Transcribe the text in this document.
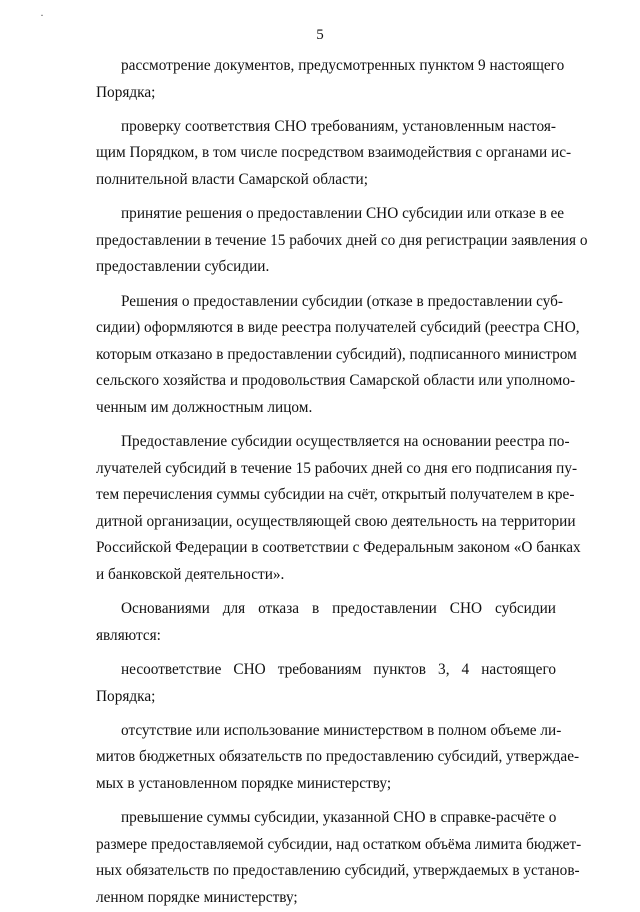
·
5

рассмотрение документов, предусмотренных пунктом 9 настоящего
Порядка;

проверку соответствия СНО требованиям, установленным настоя-
щим Порядком, в том числе посредством взаимодействия с органами ис-
полнительной власти Самарской области;

принятие решения о предоставлении СНО субсидии или отказе в ее
предоставлении в течение 15 рабочих дней со дня регистрации заявления о
предоставлении субсидии.

Решения о предоставлении субсидии (отказе в предоставлении суб-
сидии) оформляются в виде реестра получателей субсидий (реестра СНО,
которым отказано в предоставлении субсидий), подписанного министром
сельского хозяйства и продовольствия Самарской области или уполномо-
ченным им должностным лицом.

Предоставление субсидии осуществляется на основании реестра по-
лучателей субсидий в течение 15 рабочих дней со дня его подписания пу-
тем перечисления суммы субсидии на счёт, открытый получателем в кре-
дитной организации, осуществляющей свою деятельность на территории
Российской Федерации в соответствии с Федеральным законом «О банках
и банковской деятельности».

Основаниями для отказа в предоставлении СНО субсидии
являются:

несоответствие СНО требованиям пунктов 3, 4 настоящего
Порядка;

отсутствие или использование министерством в полном объеме ли-
митов бюджетных обязательств по предоставлению субсидий, утверждае-
мых в установленном порядке министерству;

превышение суммы субсидии, указанной СНО в справке-расчёте о
размере предоставляемой субсидии, над остатком объёма лимита бюджет-
ных обязательств по предоставлению субсидий, утверждаемых в установ-
ленном порядке министерству;
